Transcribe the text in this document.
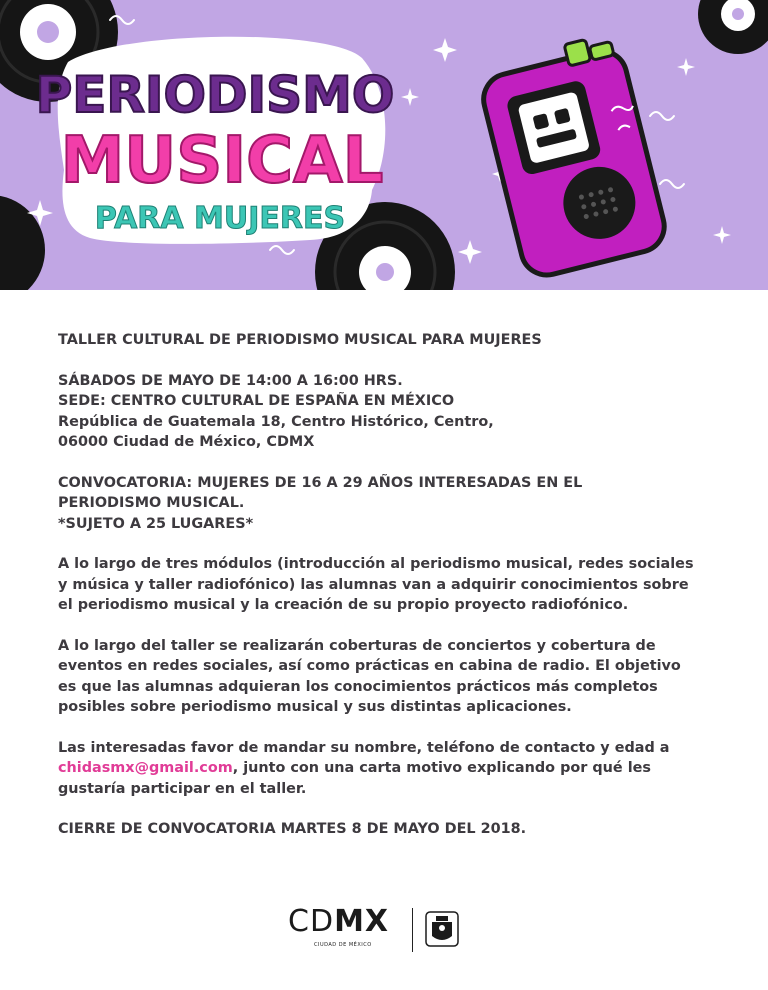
PERIODISMO
MUSICAL
PARA MUJERES

TALLER CULTURAL DE PERIODISMO MUSICAL PARA MUJERES

SÁBADOS DE MAYO DE 14:00 A 16:00 HRS.
SEDE: CENTRO CULTURAL DE ESPAÑA EN MÉXICO
República de Guatemala 18, Centro Histórico, Centro,
06000 Ciudad de México, CDMX

CONVOCATORIA: MUJERES DE 16 A 29 AÑOS INTERESADAS EN EL
PERIODISMO MUSICAL.
*SUJETO A 25 LUGARES*

A lo largo de tres módulos (introducción al periodismo musical, redes sociales
y música y taller radiofónico) las alumnas van a adquirir conocimientos sobre
el periodismo musical y la creación de su propio proyecto radiofónico.

A lo largo del taller se realizarán coberturas de conciertos y cobertura de
eventos en redes sociales, así como prácticas en cabina de radio. El objetivo
es que las alumnas adquieran los conocimientos prácticos más completos
posibles sobre periodismo musical y sus distintas aplicaciones.

Las interesadas favor de mandar su nombre, teléfono de contacto y edad a
chidasmx@gmail.com, junto con una carta motivo explicando por qué les
gustaría participar en el taller.

CIERRE DE CONVOCATORIA MARTES 8 DE MAYO DEL 2018.

CDMX
CIUDAD DE MÉXICO
